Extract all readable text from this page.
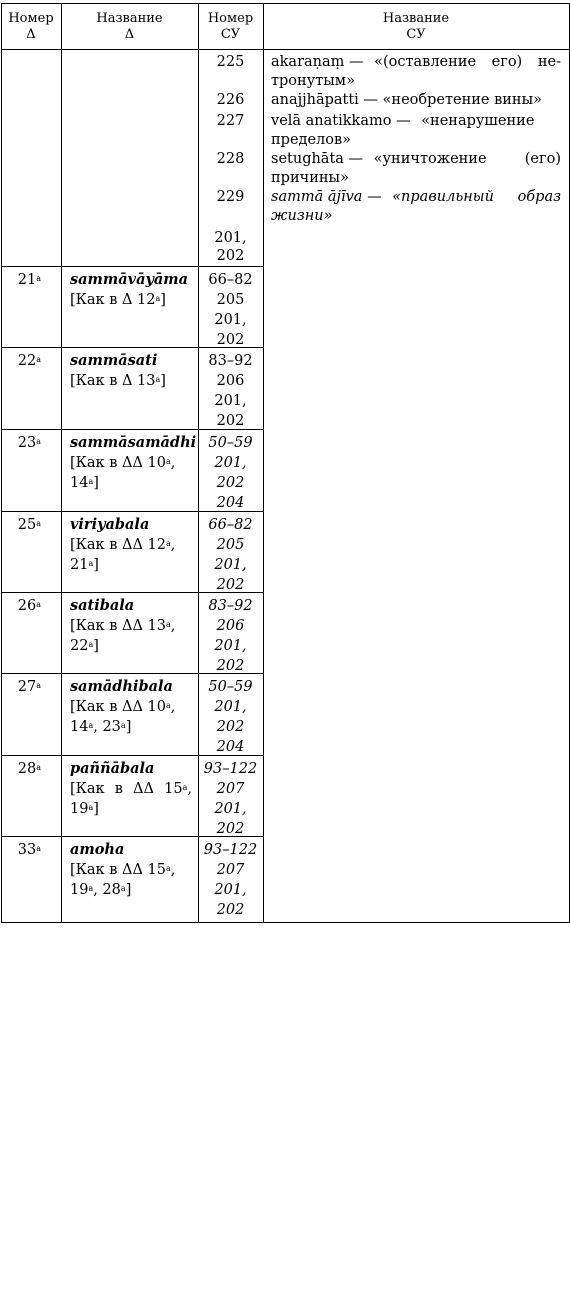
Номер
Δ
Название
Δ
Номер
СУ
Название
СУ
225
226
227
228
229
201,
202
akaraṇaṃ — «(оставление его) не-
тронутым»
anajjhāpatti — «необретение вины»
velā anatikkamo — «ненарушение
пределов»
setughāta — «уничтожение	(его)
причины»
sammā ājīva — «правильный образ
жизни»
21$^a$ sammāvāyāma
[Как в Δ 12$^a$]
66–82
205
201,
202
22$^a$ sammāsati
[Как в Δ 13$^a$]
83–92
206
201,
202
23$^a$ sammāsamādhi
[Как в ΔΔ 10$^a$,
14$^a$]
50–59
201,
202
204
25$^a$ viriyabala
[Как в ΔΔ 12$^a$,
21$^a$]
66–82
205
201,
202
26$^a$ satibala
[Как в ΔΔ 13$^a$,
22$^a$]
83–92
206
201,
202
27$^a$ samādhibala
[Как в ΔΔ 10$^a$,
14$^a$, 23$^a$]
50–59
201,
202
204
28$^a$ paññābala
[Как в ΔΔ 15$^a$,
19$^a$]
93–122
207
201,
202
33$^a$ amoha
[Как в ΔΔ 15$^a$,
19$^a$, 28$^a$]
93–122
207
201,
202
